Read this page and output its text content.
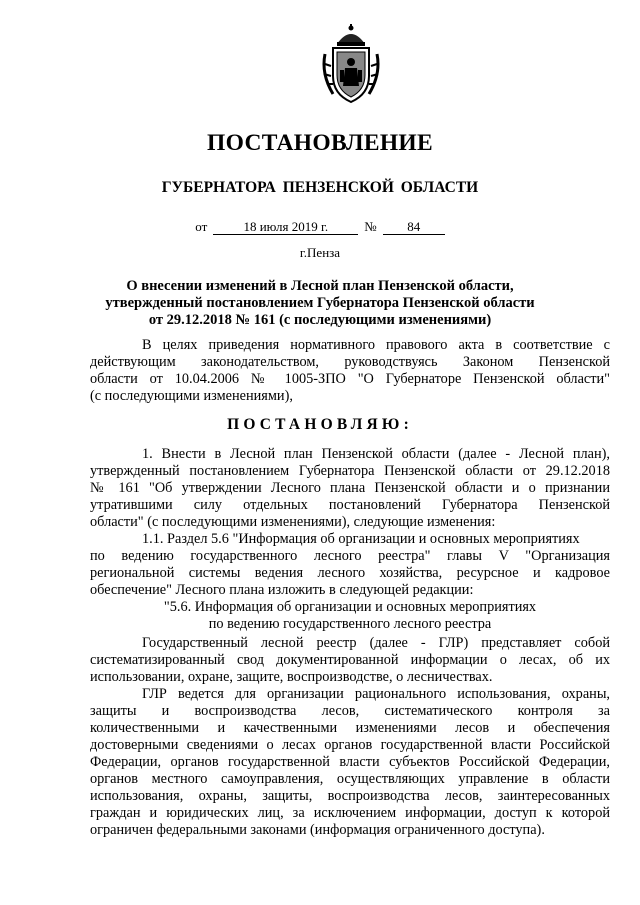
ПОСТАНОВЛЕНИЕ
ГУБЕРНАТОРА ПЕНЗЕНСКОЙ ОБЛАСТИ
от	18 июля 2019 г.	№ 84
г.Пенза
О внесении изменений в Лесной план Пензенской области,
утвержденный постановлением Губернатора Пензенской области
от 29.12.2018 № 161 (с последующими изменениями)
В целях приведения нормативного правового акта в соответствие с
действующим законодательством, руководствуясь Законом Пензенской
области от 10.04.2006 № 1005-ЗПО "О Губернаторе Пензенской области"
(с последующими изменениями),
ПОСТАНОВЛЯЮ:
1. Внести в Лесной план Пензенской области (далее - Лесной план),
утвержденный постановлением Губернатора Пензенской области от 29.12.2018
№ 161 "Об утверждении Лесного плана Пензенской области и о признании
утратившими силу отдельных постановлений Губернатора Пензенской
области" (с последующими изменениями), следующие изменения:
1.1. Раздел 5.6 "Информация об организации и основных мероприятиях
по ведению государственного лесного реестра" главы V "Организация
региональной системы ведения лесного хозяйства, ресурсное и кадровое
обеспечение" Лесного плана изложить в следующей редакции:
"5.6. Информация об организации и основных мероприятиях
по ведению государственного лесного реестра
Государственный лесной реестр (далее - ГЛР) представляет собой
систематизированный свод документированной информации о лесах, об их
использовании, охране, защите, воспроизводстве, о лесничествах.
ГЛР ведется для организации рационального использования, охраны,
защиты и воспроизводства лесов, систематического контроля за
количественными и качественными изменениями лесов и обеспечения
достоверными сведениями о лесах органов государственной власти Российской
Федерации, органов государственной власти субъектов Российской Федерации,
органов местного самоуправления, осуществляющих управление в области
использования, охраны, защиты, воспроизводства лесов, заинтересованных
граждан и юридических лиц, за исключением информации, доступ к которой
ограничен федеральными законами (информация ограниченного доступа).
